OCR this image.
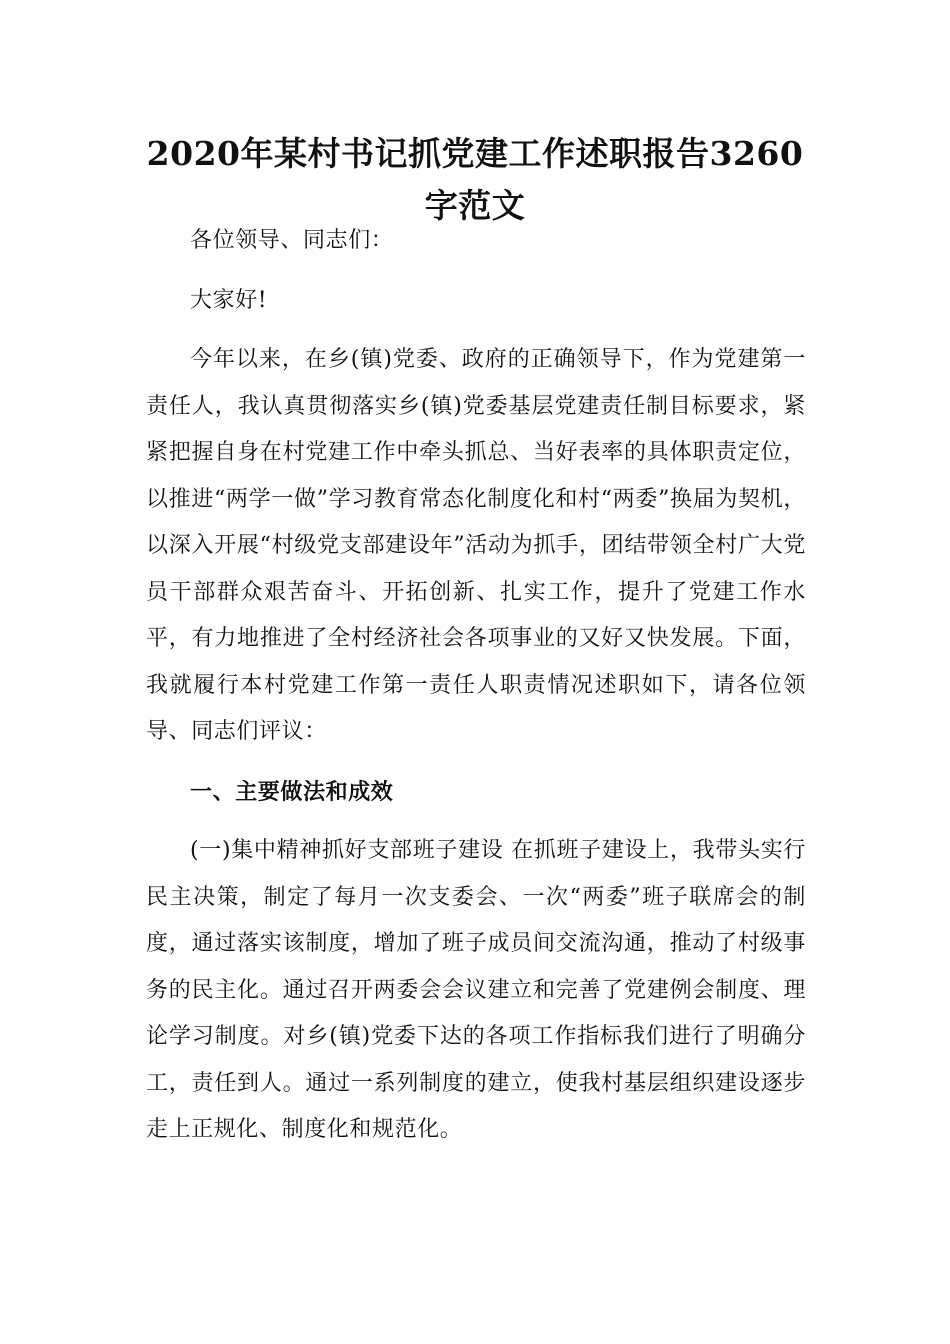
2020年某村书记抓党建工作述职报告3260字范文

各位领导、同志们：

大家好!

今年以来，在乡(镇)党委、政府的正确领导下，作为党建第一责任人，我认真贯彻落实乡(镇)党委基层党建责任制目标要求，紧紧把握自身在村党建工作中牵头抓总、当好表率的具体职责定位，以推进“两学一做”学习教育常态化制度化和村“两委”换届为契机，以深入开展“村级党支部建设年”活动为抓手，团结带领全村广大党员干部群众艰苦奋斗、开拓创新、扎实工作，提升了党建工作水平，有力地推进了全村经济社会各项事业的又好又快发展。下面，我就履行本村党建工作第一责任人职责情况述职如下，请各位领导、同志们评议：

一、主要做法和成效

(一)集中精神抓好支部班子建设 在抓班子建设上，我带头实行民主决策，制定了每月一次支委会、一次“两委”班子联席会的制度，通过落实该制度，增加了班子成员间交流沟通，推动了村级事务的民主化。通过召开两委会会议建立和完善了党建例会制度、理论学习制度。对乡(镇)党委下达的各项工作指标我们进行了明确分工，责任到人。通过一系列制度的建立，使我村基层组织建设逐步走上正规化、制度化和规范化。
